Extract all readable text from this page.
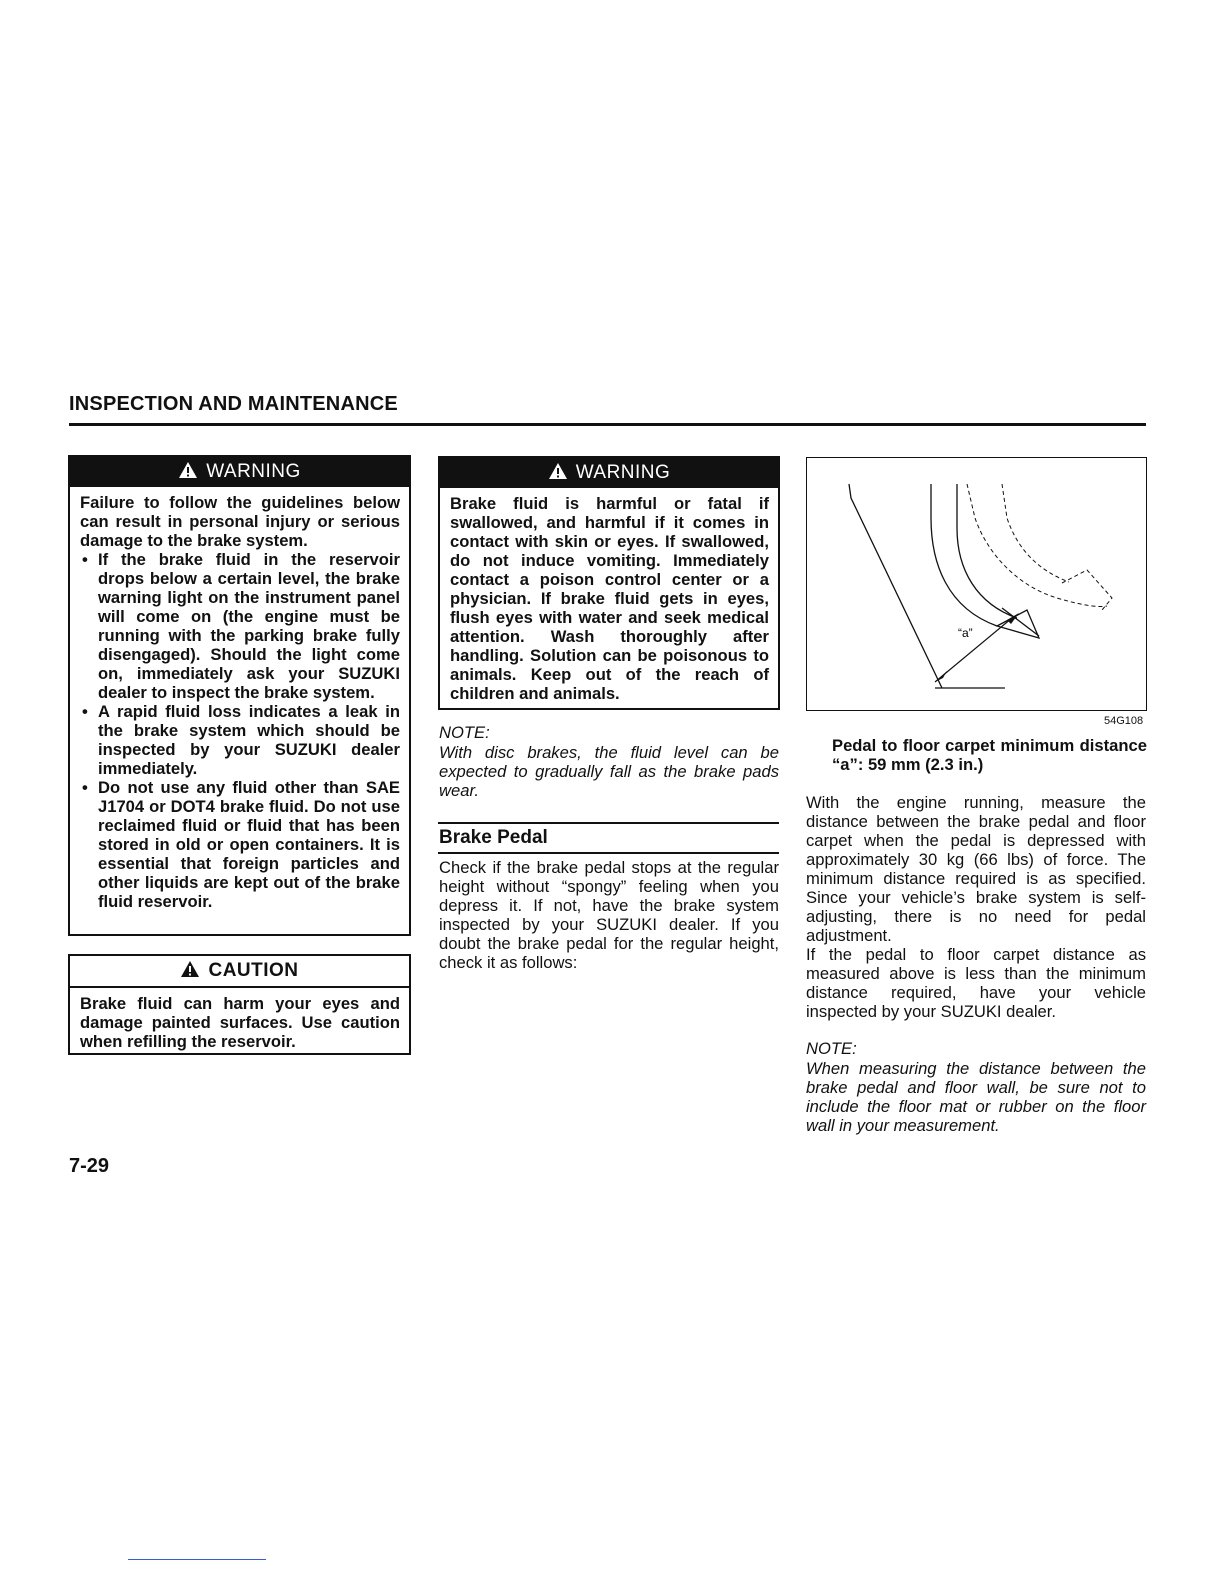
INSPECTION AND MAINTENANCE
WARNING

Failure to follow the guidelines below can result in personal injury or serious damage to the brake system.

• If the brake fluid in the reservoir drops below a certain level, the brake warning light on the instrument panel will come on (the engine must be running with the parking brake fully disengaged). Should the light come on, immediately ask your SUZUKI dealer to inspect the brake system.
• A rapid fluid loss indicates a leak in the brake system which should be inspected by your SUZUKI dealer immediately.
• Do not use any fluid other than SAE J1704 or DOT4 brake fluid. Do not use reclaimed fluid or fluid that has been stored in old or open containers. It is essential that foreign particles and other liquids are kept out of the brake fluid reservoir.
CAUTION

Brake fluid can harm your eyes and damage painted surfaces. Use caution when refilling the reservoir.

WARNING

Brake fluid is harmful or fatal if swallowed, and harmful if it comes in contact with skin or eyes. If swallowed, do not induce vomiting. Immediately contact a poison control center or a physician. If brake fluid gets in eyes, flush eyes with water and seek medical attention. Wash thoroughly after handling. Solution can be poisonous to animals. Keep out of the reach of children and animals.

NOTE:

With disc brakes, the fluid level can be expected to gradually fall as the brake pads wear.

Brake Pedal

Check if the brake pedal stops at the regular height without “spongy” feeling when you depress it. If not, have the brake system inspected by your SUZUKI dealer. If you doubt the brake pedal for the regular height, check it as follows:

“a”
54G108
Pedal to floor carpet minimum distance “a”: 59 mm (2.3 in.)

With the engine running, measure the distance between the brake pedal and floor carpet when the pedal is depressed with approximately 30 kg (66 lbs) of force. The minimum distance required is as specified. Since your vehicle’s brake system is self-adjusting, there is no need for pedal adjustment.

If the pedal to floor carpet distance as measured above is less than the minimum distance required, have your vehicle inspected by your SUZUKI dealer.

NOTE:

When measuring the distance between the brake pedal and floor wall, be sure not to include the floor mat or rubber on the floor wall in your measurement.

7-29
